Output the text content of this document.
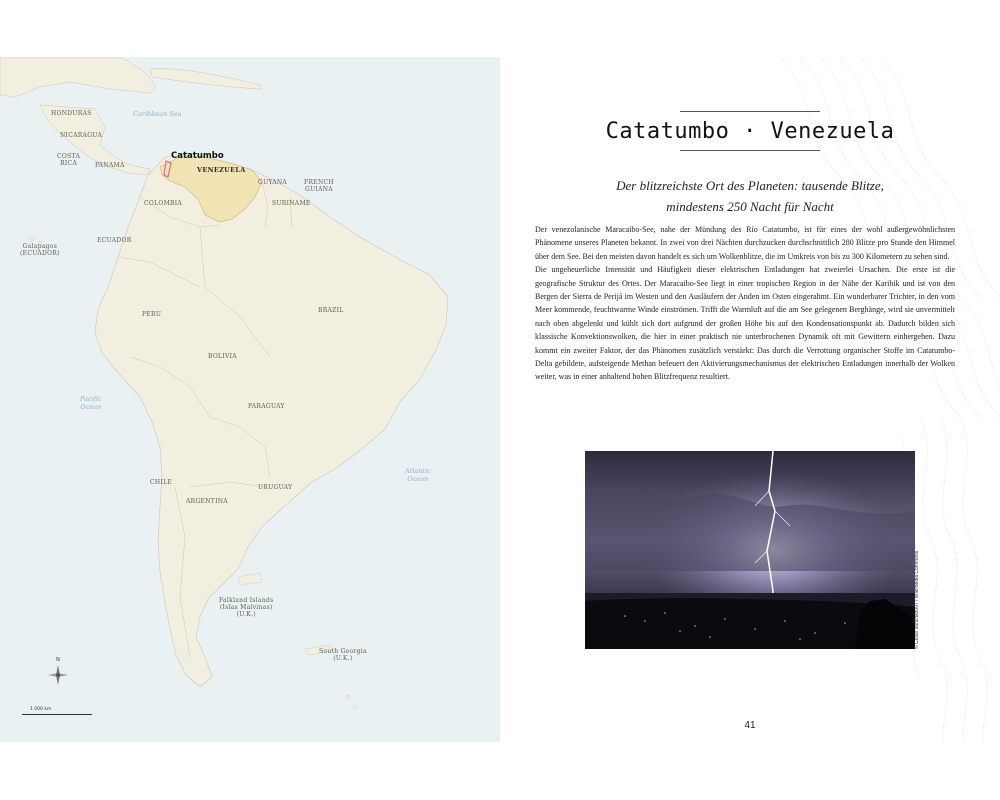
HONDURAS
NICARAGUA
COSTA
RICA	PANAMA
COLOMBIA
ECUADOR
GUYANA	FRENCH
GUIANA
SURINAME
BRAZIL
PERU
BOLIVIA
PARAGUAY
CHILE
ARGENTINA
URUGUAY
Catatumbo
VENEZUELA
Galapagos
(ECUADOR)
Falkland Islands
(Islas Malvinas)
(U.K.)
South Georgia
(U.K.)
Caribbean Sea
Pacific
Ocean
Atlantic
Ocean
N
1 000 km
Catatumbo · Venezuela
Der blitzreichste Ort des Planeten: tausende Blitze,
mindestens 250 Nacht für Nacht

Der venezolanische Maracaibo-See, nahe der Mündung des Río Catatumbo, ist für eines der wohl außergewöhnlichsten Phänomene unseres Planeten bekannt. In zwei von drei Nächten durchzucken durchschnittlich 280 Blitze pro Stunde den Himmel über dem See. Bei den meisten davon handelt es sich um Wolkenblitze, die im Umkreis von bis zu 300 Kilometern zu sehen sind.

Die ungeheuerliche Intensität und Häufigkeit dieser elektrischen Entladungen hat zweierlei Ursachen. Die erste ist die geografische Struktur des Ortes. Der Maracaibo-See liegt in einer tropischen Region in der Nähe der Karibik und ist von den Bergen der Sierra de Perijá im Westen und den Ausläufern der Anden im Osten eingerahmt. Ein wunderbarer Trichter, in den vom Meer kommende, feuchtwarme Winde einströmen. Trifft die Warmluft auf die am See gelegenen Berghänge, wird sie unvermittelt nach oben abgelenkt und kühlt sich dort aufgrund der großen Höhe bis auf den Kondensationspunkt ab. Dadurch bilden sich klassische Konvektionswolken, die hier in einer praktisch nie unterbrochenen Dynamik oft mit Gewittern einhergehen. Dazu kommt ein zweiter Faktor, der das Phänomen zusätzlich verstärkt: Das durch die Verrottung organischer Stoffe im Catatumbo-Delta gebildete, aufsteigende Methan befeuert den Aktivierungsmechanismus der elektrischen Entladungen innerhalb der Wolken weiter, was in einer anhaltend hohen Blitzfrequenz resultiert.

© Cesar sanchez007 / Wikimedia Commons
41
